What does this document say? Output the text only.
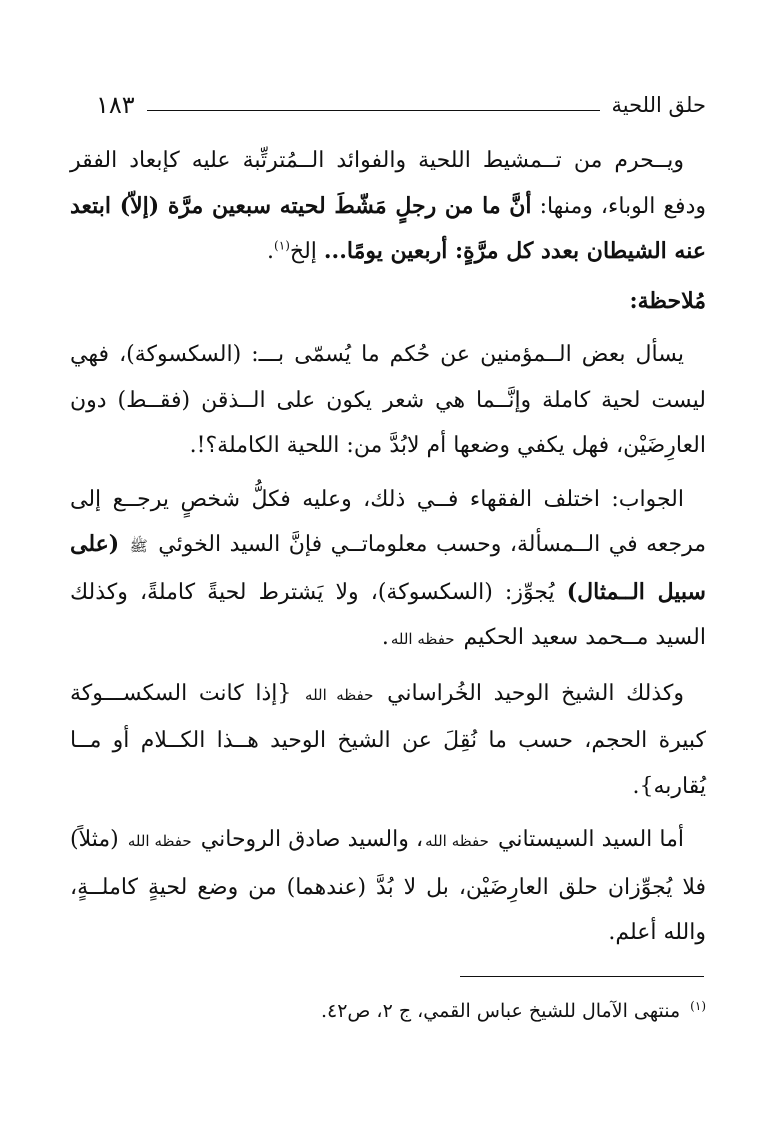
حلق اللحية
١٨٣

ويــحرم من تــمشيط اللحية والفوائد الــمُترتِّبة عليه كإبعاد الفقر ودفع الوباء، ومنها: أنَّ ما من رجلٍ مَشّطَ لحيته سبعين مرَّة (إلاّ) ابتعد عنه الشيطان بعدد كل مرَّةٍ: أربعين يومًا... إلخ$^{(١)}$.

مُلاحظة:

يسأل بعض الــمؤمنين عن حُكم ما يُسمّى بـــ: (السكسوكة)، فهي ليست لحية كاملة وإنَّــما هي شعر يكون على الــذقن (فقــط) دون العارِضَيْن، فهل يكفي وضعها أم لابُدَّ من: اللحية الكاملة؟!.

الجواب: اختلف الفقهاء فــي ذلك، وعليه فكلُّ شخصٍ يرجــع إلى مرجعه في الــمسألة، وحسب معلوماتــي فإنَّ السيد الخوئي ﷺ (على سبيل الــمثال) يُجوِّز: (السكسوكة)، ولا يَشترط لحيةً كاملةً، وكذلك السيد مــحمد سعيد الحكيم حفظه الله.

وكذلك الشيخ الوحيد الخُراساني حفظه الله {إذا كانت السكســـوكة كبيرة الحجم، حسب ما نُقِلَ عن الشيخ الوحيد هــذا الكــلام أو مــا يُقاربه}.

أما السيد السيستاني حفظه الله، والسيد صادق الروحاني حفظه الله (مثلاً) فلا يُجوِّزان حلق العارِضَيْن، بل لا بُدَّ (عندهما) من وضع لحيةٍ كاملــةٍ، والله أعلم.

$^{(١)}$ منتهى الآمال للشيخ عباس القمي، ج ٢، ص٤٢.
